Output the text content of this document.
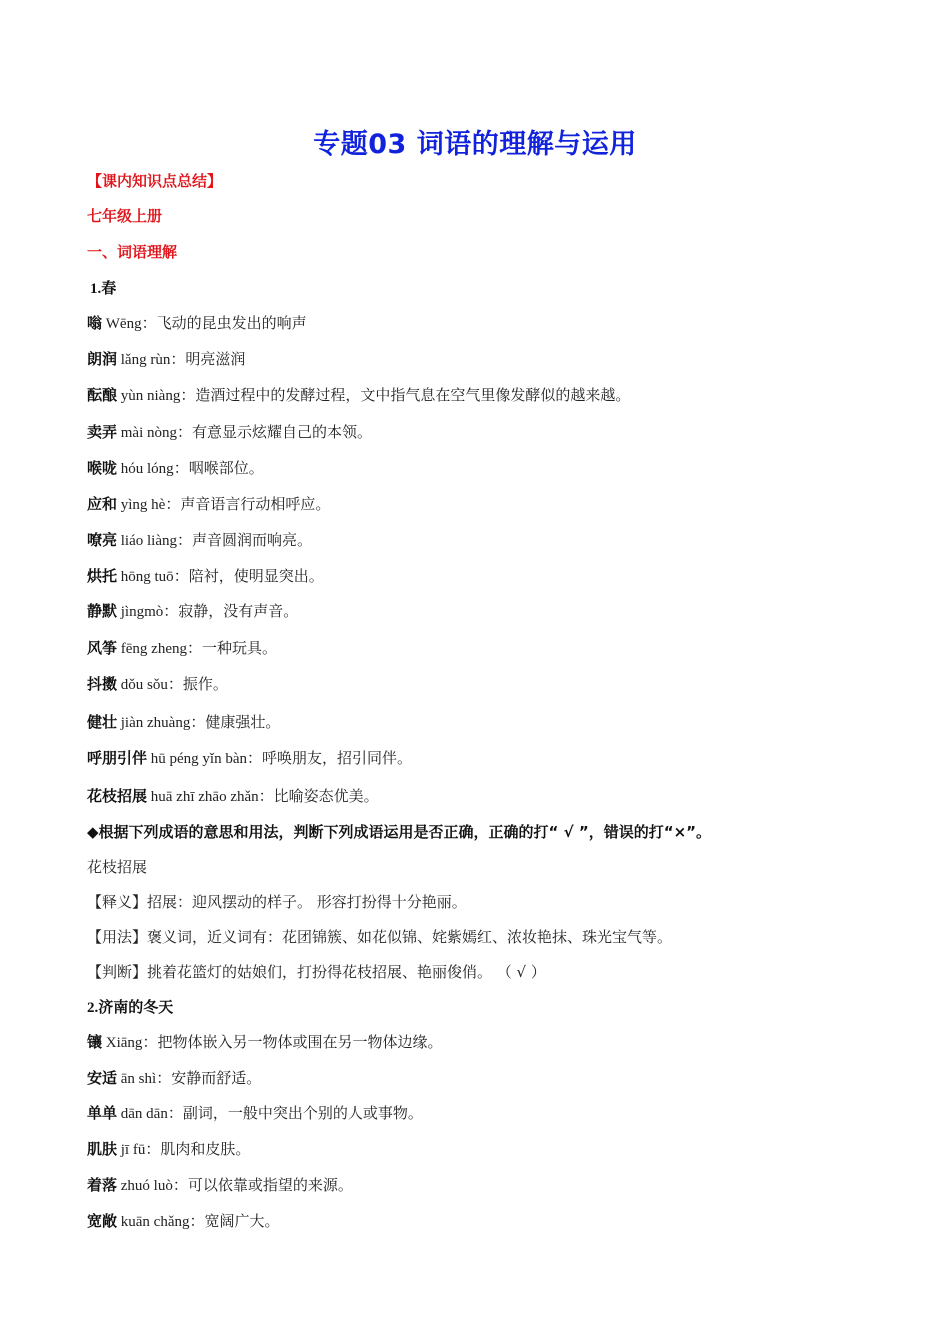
专题03 词语的理解与运用
【课内知识点总结】
七年级上册
一、词语理解
1.春
嗡 Wēng：飞动的昆虫发出的响声
朗润 lǎng rùn：明亮滋润
酝酿 yùn niàng：造酒过程中的发酵过程，文中指气息在空气里像发酵似的越来越。
卖弄 mài nòng：有意显示炫耀自己的本领。
喉咙 hóu lóng：咽喉部位。
应和 yìng hè：声音语言行动相呼应。
嘹亮 liáo liàng：声音圆润而响亮。
烘托 hōng tuō：陪衬，使明显突出。
静默 jìngmò：寂静，没有声音。
风筝 fēng zheng：一种玩具。
抖擞 dǒu sǒu：振作。
健壮 jiàn zhuàng：健康强壮。
呼朋引伴 hū péng yǐn bàn：呼唤朋友，招引同伴。
花枝招展 huā zhī zhāo zhǎn：比喻姿态优美。
◆根据下列成语的意思和用法，判断下列成语运用是否正确，正确的打“ √ ”，错误的打“×”。
花枝招展
【释义】招展：迎风摆动的样子。 形容打扮得十分艳丽。
【用法】褒义词，近义词有：花团锦簇、如花似锦、姹紫嫣红、浓妆艳抹、珠光宝气等。
【判断】挑着花篮灯的姑娘们，打扮得花枝招展、艳丽俊俏。 （ √ ）
2.济南的冬天
镶 Xiāng：把物体嵌入另一物体或围在另一物体边缘。
安适 ān shì：安静而舒适。
单单 dān dān：副词，一般中突出个别的人或事物。
肌肤 jī fū：肌肉和皮肤。
着落 zhuó luò：可以依靠或指望的来源。
宽敞 kuān chǎng：宽阔广大。
